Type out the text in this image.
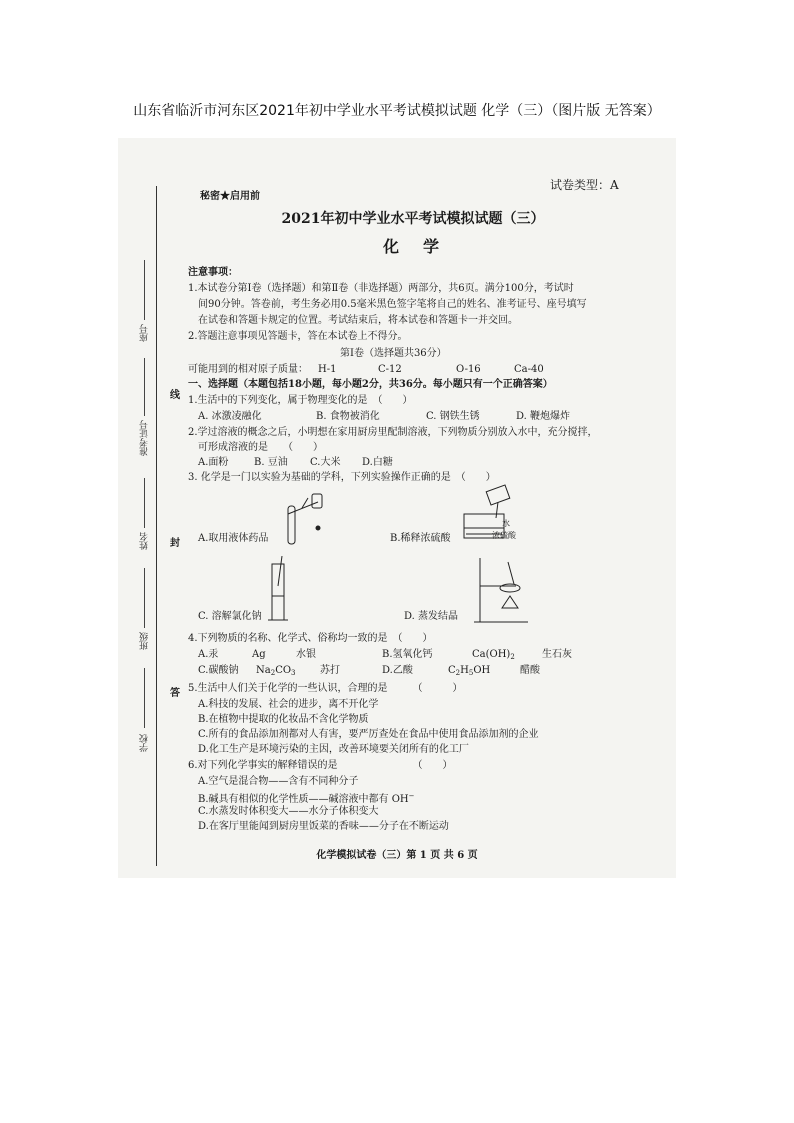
山东省临沂市河东区2021年初中学业水平考试模拟试题 化学（三）（图片版 无答案）
座号
准考证号
姓名
班级
学校
线
封
答
试卷类型：A
秘密★启用前
2021年初中学业水平考试模拟试题（三）
化　学
注意事项：
1.本试卷分第Ⅰ卷（选择题）和第Ⅱ卷（非选择题）两部分，共6页。满分100分，考试时
间90分钟。答卷前，考生务必用0.5毫米黑色签字笔将自己的姓名、准考证号、座号填写
在试卷和答题卡规定的位置。考试结束后，将本试卷和答题卡一并交回。
2.答题注意事项见答题卡，答在本试卷上不得分。
第Ⅰ卷（选择题共36分）
可能用到的相对原子质量： H-1	C-12	O-16	Ca-40
一、选择题（本题包括18小题，每小题2分，共36分。每小题只有一个正确答案）
1.生活中的下列变化，属于物理变化的是　（　　）
A. 冰激凌融化	B. 食物被消化	C. 钢铁生锈	D. 鞭炮爆炸
2.学过溶液的概念之后，小明想在家用厨房里配制溶液，下列物质分别放入水中，充分搅拌，
可形成溶液的是　　（　　）
A.面粉	B. 豆油 C.大米 D.白糖
3. 化学是一门以实验为基础的学科，下列实验操作正确的是　（　　）
A.取用液体药品
水
浓硫酸
B.稀释浓硫酸
C. 溶解氯化钠	D. 蒸发结晶
4.下列物质的名称、化学式、俗称均一致的是　（　　）
A.汞	Ag	水银	B.氢氧化钙	$Ca(OH)_2$	生石灰
C.碳酸钠 $Na_2CO_3$ 苏打	D.乙酸	$C_2H_5OH$	醋酸
5.生活中人们关于化学的一些认识，合理的是　　　（　　　）
A.科技的发展、社会的进步，离不开化学
B.在植物中提取的化妆品不含化学物质
C.所有的食品添加剂都对人有害，要严厉查处在食品中使用食品添加剂的企业
D.化工生产是环境污染的主因，改善环境要关闭所有的化工厂
6.对下列化学事实的解释错误的是　　　　　　　　（　　）
A.空气是混合物——含有不同种分子
B.碱具有相似的化学性质——碱溶液中都有 OH−
C.水蒸发时体积变大——水分子体积变大
D.在客厅里能闻到厨房里饭菜的香味——分子在不断运动
化学模拟试卷（三）第 1 页 共 6 页
